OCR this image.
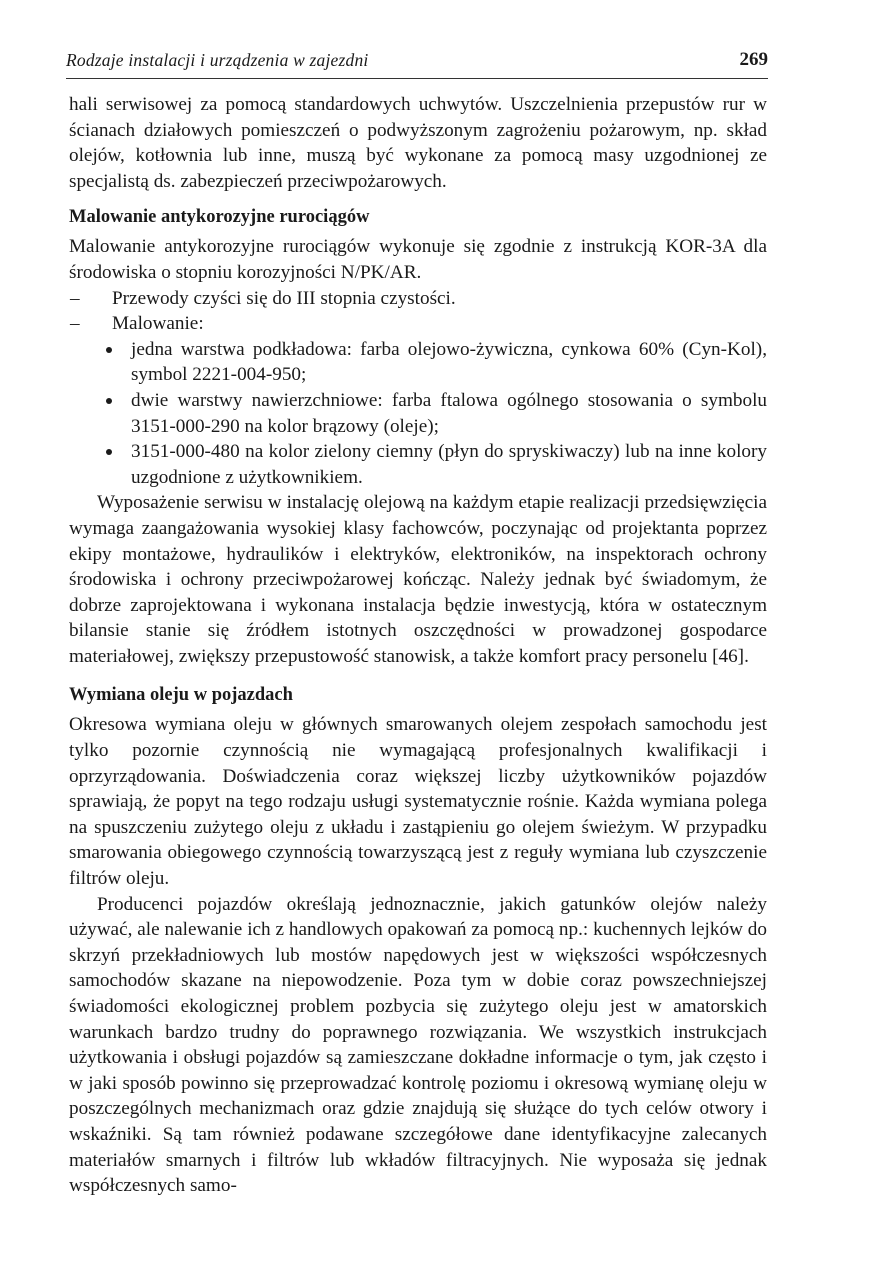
Rodzaje instalacji i urządzenia w zajezdni	269

hali serwisowej za pomocą standardowych uchwytów. Uszczelnienia przepustów rur w ścianach działowych pomieszczeń o podwyższonym zagrożeniu pożarowym, np. skład olejów, kotłownia lub inne, muszą być wykonane za pomocą masy uzgodnionej ze specjalistą ds. zabezpieczeń przeciwpożarowych.

Malowanie antykorozyjne rurociągów

Malowanie antykorozyjne rurociągów wykonuje się zgodnie z instrukcją KOR-3A dla środowiska o stopniu korozyjności N/PK/AR.

– Przewody czyści się do III stopnia czystości.
– Malowanie:
jedna warstwa podkładowa: farba olejowo-żywiczna, cynkowa 60% (Cyn-Kol), symbol 2221-004-950;
dwie warstwy nawierzchniowe: farba ftalowa ogólnego stosowania o symbolu 3151-000-290 na kolor brązowy (oleje);
3151-000-480 na kolor zielony ciemny (płyn do spryskiwaczy) lub na inne kolory uzgodnione z użytkownikiem.

Wyposażenie serwisu w instalację olejową na każdym etapie realizacji przedsięwzięcia wymaga zaangażowania wysokiej klasy fachowców, poczynając od projektanta poprzez ekipy montażowe, hydraulików i elektryków, elektroników, na inspektorach ochrony środowiska i ochrony przeciwpożarowej kończąc. Należy jednak być świadomym, że dobrze zaprojektowana i wykonana instalacja będzie inwestycją, która w ostatecznym bilansie stanie się źródłem istotnych oszczędności w prowadzonej gospodarce materiałowej, zwiększy przepustowość stanowisk, a także komfort pracy personelu [46].

Wymiana oleju w pojazdach

Okresowa wymiana oleju w głównych smarowanych olejem zespołach samochodu jest tylko pozornie czynnością nie wymagającą profesjonalnych kwalifikacji i oprzyrządowania. Doświadczenia coraz większej liczby użytkowników pojazdów sprawiają, że popyt na tego rodzaju usługi systematycznie rośnie. Każda wymiana polega na spuszczeniu zużytego oleju z układu i zastąpieniu go olejem świeżym. W przypadku smarowania obiegowego czynnością towarzyszącą jest z reguły wymiana lub czyszczenie filtrów oleju.

Producenci pojazdów określają jednoznacznie, jakich gatunków olejów należy używać, ale nalewanie ich z handlowych opakowań za pomocą np.: kuchennych lejków do skrzyń przekładniowych lub mostów napędowych jest w większości współczesnych samochodów skazane na niepowodzenie. Poza tym w dobie coraz powszechniejszej świadomości ekologicznej problem pozbycia się zużytego oleju jest w amatorskich warunkach bardzo trudny do poprawnego rozwiązania. We wszystkich instrukcjach użytkowania i obsługi pojazdów są zamieszczane dokładne informacje o tym, jak często i w jaki sposób powinno się przeprowadzać kontrolę poziomu i okresową wymianę oleju w poszczególnych mechanizmach oraz gdzie znajdują się służące do tych celów otwory i wskaźniki. Są tam również podawane szczegółowe dane identyfikacyjne zalecanych materiałów smarnych i filtrów lub wkładów filtracyjnych. Nie wyposaża się jednak współczesnych samo-
